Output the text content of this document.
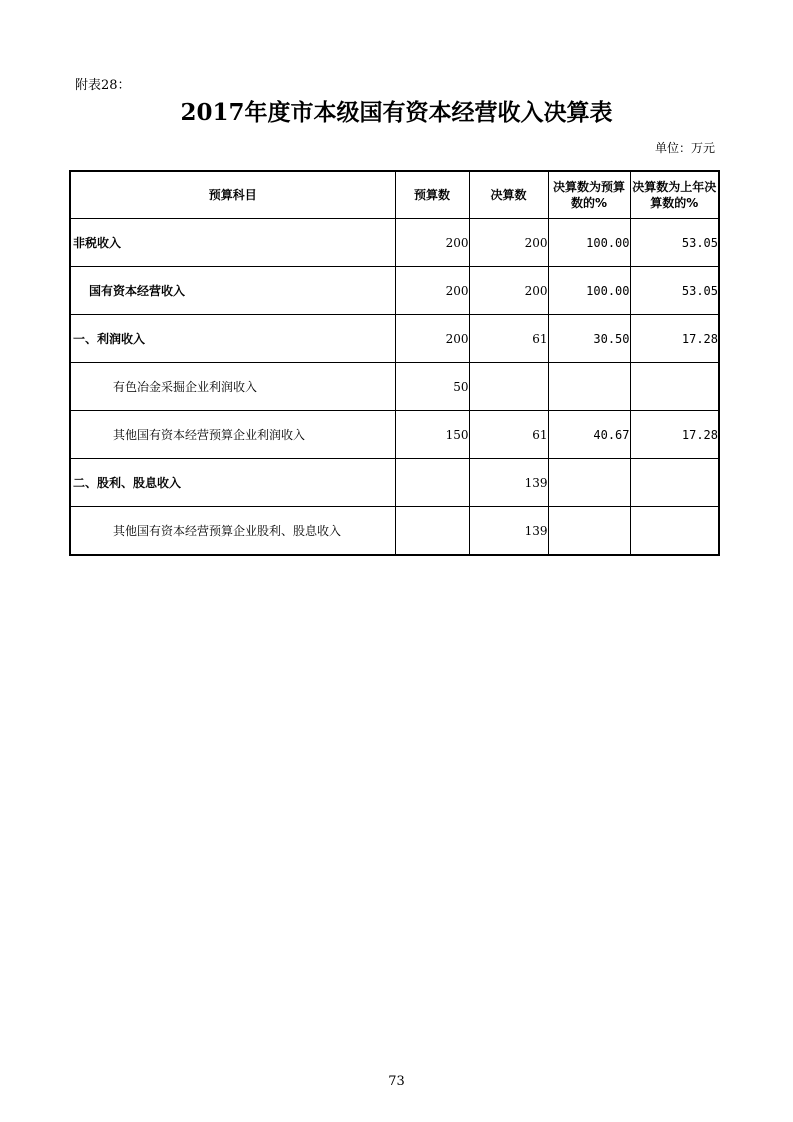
附表28：
2017年度市本级国有资本经营收入决算表
单位：万元
预算科目	预算数	决算数	决算数为预算数的%	决算数为上年决算数的%
非税收入	200	200	100.00	53.05
国有资本经营收入	200	200	100.00	53.05
一、利润收入	200	61	30.50	17.28
有色冶金采掘企业利润收入	50			
其他国有资本经营预算企业利润收入	150	61	40.67	17.28
二、股利、股息收入		139		
其他国有资本经营预算企业股利、股息收入		139		
73
